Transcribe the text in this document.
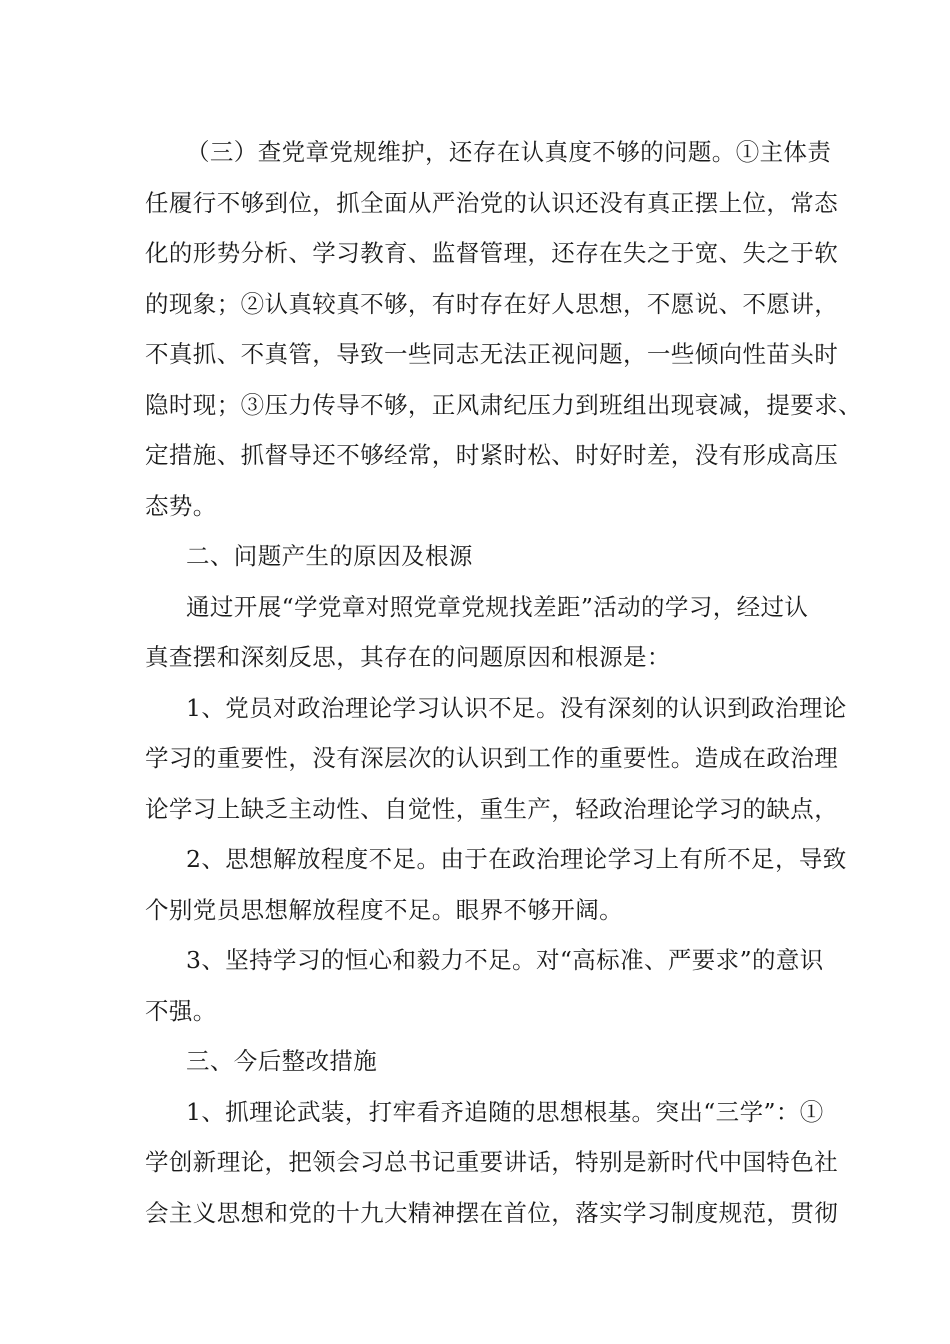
（三）查党章党规维护，还存在认真度不够的问题。①主体责
任履行不够到位，抓全面从严治党的认识还没有真正摆上位，常态
化的形势分析、学习教育、监督管理，还存在失之于宽、失之于软
的现象；②认真较真不够，有时存在好人思想，不愿说、不愿讲，
不真抓、不真管，导致一些同志无法正视问题，一些倾向性苗头时
隐时现；③压力传导不够，正风肃纪压力到班组出现衰减，提要求、
定措施、抓督导还不够经常，时紧时松、时好时差，没有形成高压
态势。
二、问题产生的原因及根源
通过开展“学党章对照党章党规找差距”活动的学习，经过认
真查摆和深刻反思，其存在的问题原因和根源是：
1、党员对政治理论学习认识不足。没有深刻的认识到政治理论
学习的重要性，没有深层次的认识到工作的重要性。造成在政治理
论学习上缺乏主动性、自觉性，重生产，轻政治理论学习的缺点，
2、思想解放程度不足。由于在政治理论学习上有所不足，导致
个别党员思想解放程度不足。眼界不够开阔。
3、坚持学习的恒心和毅力不足。对“高标准、严要求”的意识
不强。
三、今后整改措施
1、抓理论武装，打牢看齐追随的思想根基。突出“三学”：①
学创新理论，把领会习总书记重要讲话，特别是新时代中国特色社
会主义思想和党的十九大精神摆在首位，落实学习制度规范，贯彻
